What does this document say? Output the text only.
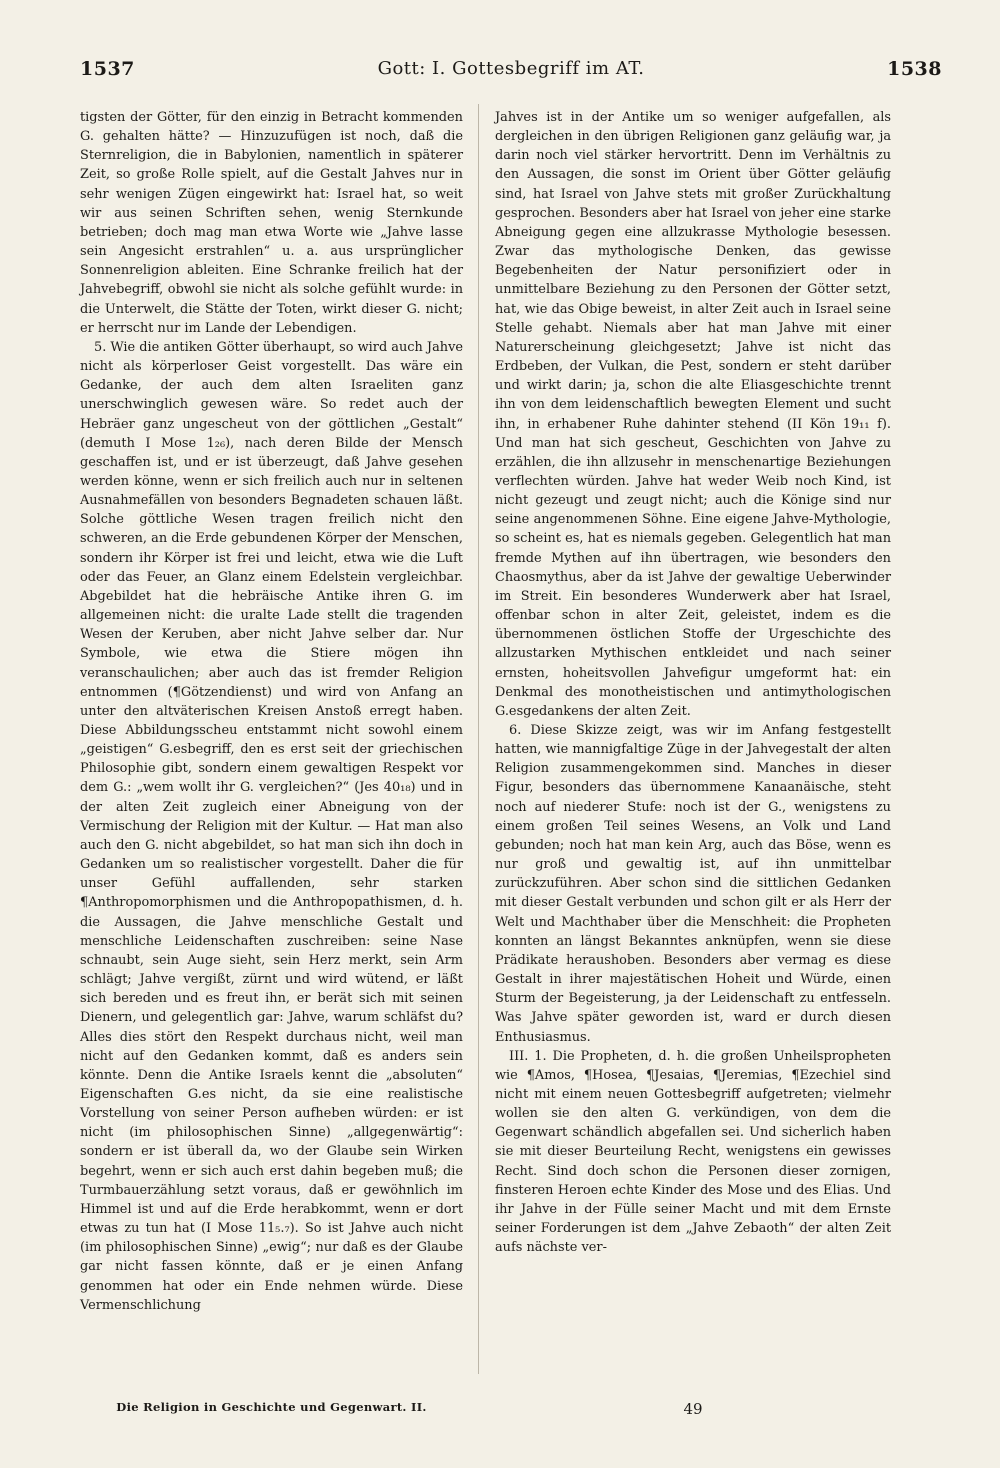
1537	Gott: I. Gottesbegriff im AT.	1538

tigsten der Götter, für den einzig in Betracht kommenden G. gehalten hätte? — Hinzuzufügen ist noch, daß die Sternreligion, die in Babylonien, namentlich in späterer Zeit, so große Rolle spielt, auf die Gestalt Jahves nur in sehr wenigen Zügen eingewirkt hat: Israel hat, so weit wir aus seinen Schriften sehen, wenig Sternkunde betrieben; doch mag man etwa Worte wie „Jahve lasse sein Angesicht erstrahlen“ u. a. aus ursprünglicher Sonnenreligion ableiten. Eine Schranke freilich hat der Jahvebegriff, obwohl sie nicht als solche gefühlt wurde: in die Unterwelt, die Stätte der Toten, wirkt dieser G. nicht; er herrscht nur im Lande der Lebendigen.

5. Wie die antiken Götter überhaupt, so wird auch Jahve nicht als körperloser Geist vorgestellt. Das wäre ein Gedanke, der auch dem alten Israeliten ganz unerschwinglich gewesen wäre. So redet auch der Hebräer ganz ungescheut von der göttlichen „Gestalt“ (demuth I Mose 1₂₆), nach deren Bilde der Mensch geschaffen ist, und er ist überzeugt, daß Jahve gesehen werden könne, wenn er sich freilich auch nur in seltenen Ausnahmefällen von besonders Begnadeten schauen läßt. Solche göttliche Wesen tragen freilich nicht den schweren, an die Erde gebundenen Körper der Menschen, sondern ihr Körper ist frei und leicht, etwa wie die Luft oder das Feuer, an Glanz einem Edelstein vergleichbar. Abgebildet hat die hebräische Antike ihren G. im allgemeinen nicht: die uralte Lade stellt die tragenden Wesen der Keruben, aber nicht Jahve selber dar. Nur Symbole, wie etwa die Stiere mögen ihn veranschaulichen; aber auch das ist fremder Religion entnommen (¶Götzendienst) und wird von Anfang an unter den altväterischen Kreisen Anstoß erregt haben. Diese Abbildungsscheu entstammt nicht sowohl einem „geistigen“ G.esbegriff, den es erst seit der griechischen Philosophie gibt, sondern einem gewaltigen Respekt vor dem G.: „wem wollt ihr G. vergleichen?“ (Jes 40₁₈) und in der alten Zeit zugleich einer Abneigung von der Vermischung der Religion mit der Kultur. — Hat man also auch den G. nicht abgebildet, so hat man sich ihn doch in Gedanken um so realistischer vorgestellt. Daher die für unser Gefühl auffallenden, sehr starken ¶Anthropomorphismen und die Anthropopathismen, d. h. die Aussagen, die Jahve menschliche Gestalt und menschliche Leidenschaften zuschreiben: seine Nase schnaubt, sein Auge sieht, sein Herz merkt, sein Arm schlägt; Jahve vergißt, zürnt und wird wütend, er läßt sich bereden und es freut ihn, er berät sich mit seinen Dienern, und gelegentlich gar: Jahve, warum schläfst du? Alles dies stört den Respekt durchaus nicht, weil man nicht auf den Gedanken kommt, daß es anders sein könnte. Denn die Antike Israels kennt die „absoluten“ Eigenschaften G.es nicht, da sie eine realistische Vorstellung von seiner Person aufheben würden: er ist nicht (im philosophischen Sinne) „allgegenwärtig“: sondern er ist überall da, wo der Glaube sein Wirken begehrt, wenn er sich auch erst dahin begeben muß; die Turmbauerzählung setzt voraus, daß er gewöhnlich im Himmel ist und auf die Erde herabkommt, wenn er dort etwas zu tun hat (I Mose 11₅.₇). So ist Jahve auch nicht (im philosophischen Sinne) „ewig“; nur daß es der Glaube gar nicht fassen könnte, daß er je einen Anfang genommen hat oder ein Ende nehmen würde. Diese Vermenschlichung

Jahves ist in der Antike um so weniger aufgefallen, als dergleichen in den übrigen Religionen ganz geläufig war, ja darin noch viel stärker hervortritt. Denn im Verhältnis zu den Aussagen, die sonst im Orient über Götter geläufig sind, hat Israel von Jahve stets mit großer Zurückhaltung gesprochen. Besonders aber hat Israel von jeher eine starke Abneigung gegen eine allzukrasse Mythologie besessen. Zwar das mythologische Denken, das gewisse Begebenheiten der Natur personifiziert oder in unmittelbare Beziehung zu den Personen der Götter setzt, hat, wie das Obige beweist, in alter Zeit auch in Israel seine Stelle gehabt. Niemals aber hat man Jahve mit einer Naturerscheinung gleichgesetzt; Jahve ist nicht das Erdbeben, der Vulkan, die Pest, sondern er steht darüber und wirkt darin; ja, schon die alte Eliasgeschichte trennt ihn von dem leidenschaftlich bewegten Element und sucht ihn, in erhabener Ruhe dahinter stehend (II Kön 19₁₁ f). Und man hat sich gescheut, Geschichten von Jahve zu erzählen, die ihn allzusehr in menschenartige Beziehungen verflechten würden. Jahve hat weder Weib noch Kind, ist nicht gezeugt und zeugt nicht; auch die Könige sind nur seine angenommenen Söhne. Eine eigene Jahve-Mythologie, so scheint es, hat es niemals gegeben. Gelegentlich hat man fremde Mythen auf ihn übertragen, wie besonders den Chaosmythus, aber da ist Jahve der gewaltige Ueberwinder im Streit. Ein besonderes Wunderwerk aber hat Israel, offenbar schon in alter Zeit, geleistet, indem es die übernommenen östlichen Stoffe der Urgeschichte des allzustarken Mythischen entkleidet und nach seiner ernsten, hoheitsvollen Jahvefigur umgeformt hat: ein Denkmal des monotheistischen und antimythologischen G.esgedankens der alten Zeit.

6. Diese Skizze zeigt, was wir im Anfang festgestellt hatten, wie mannigfaltige Züge in der Jahvegestalt der alten Religion zusammengekommen sind. Manches in dieser Figur, besonders das übernommene Kanaanäische, steht noch auf niederer Stufe: noch ist der G., wenigstens zu einem großen Teil seines Wesens, an Volk und Land gebunden; noch hat man kein Arg, auch das Böse, wenn es nur groß und gewaltig ist, auf ihn unmittelbar zurückzuführen. Aber schon sind die sittlichen Gedanken mit dieser Gestalt verbunden und schon gilt er als Herr der Welt und Machthaber über die Menschheit: die Propheten konnten an längst Bekanntes anknüpfen, wenn sie diese Prädikate heraushoben. Besonders aber vermag es diese Gestalt in ihrer majestätischen Hoheit und Würde, einen Sturm der Begeisterung, ja der Leidenschaft zu entfesseln. Was Jahve später geworden ist, ward er durch diesen Enthusiasmus.

III. 1. Die Propheten, d. h. die großen Unheilspropheten wie ¶Amos, ¶Hosea, ¶Jesaias, ¶Jeremias, ¶Ezechiel sind nicht mit einem neuen Gottesbegriff aufgetreten; vielmehr wollen sie den alten G. verkündigen, von dem die Gegenwart schändlich abgefallen sei. Und sicherlich haben sie mit dieser Beurteilung Recht, wenigstens ein gewisses Recht. Sind doch schon die Personen dieser zornigen, finsteren Heroen echte Kinder des Mose und des Elias. Und ihr Jahve in der Fülle seiner Macht und mit dem Ernste seiner Forderungen ist dem „Jahve Zebaoth“ der alten Zeit aufs nächste ver-

Die Religion in Geschichte und Gegenwart. II.	49
